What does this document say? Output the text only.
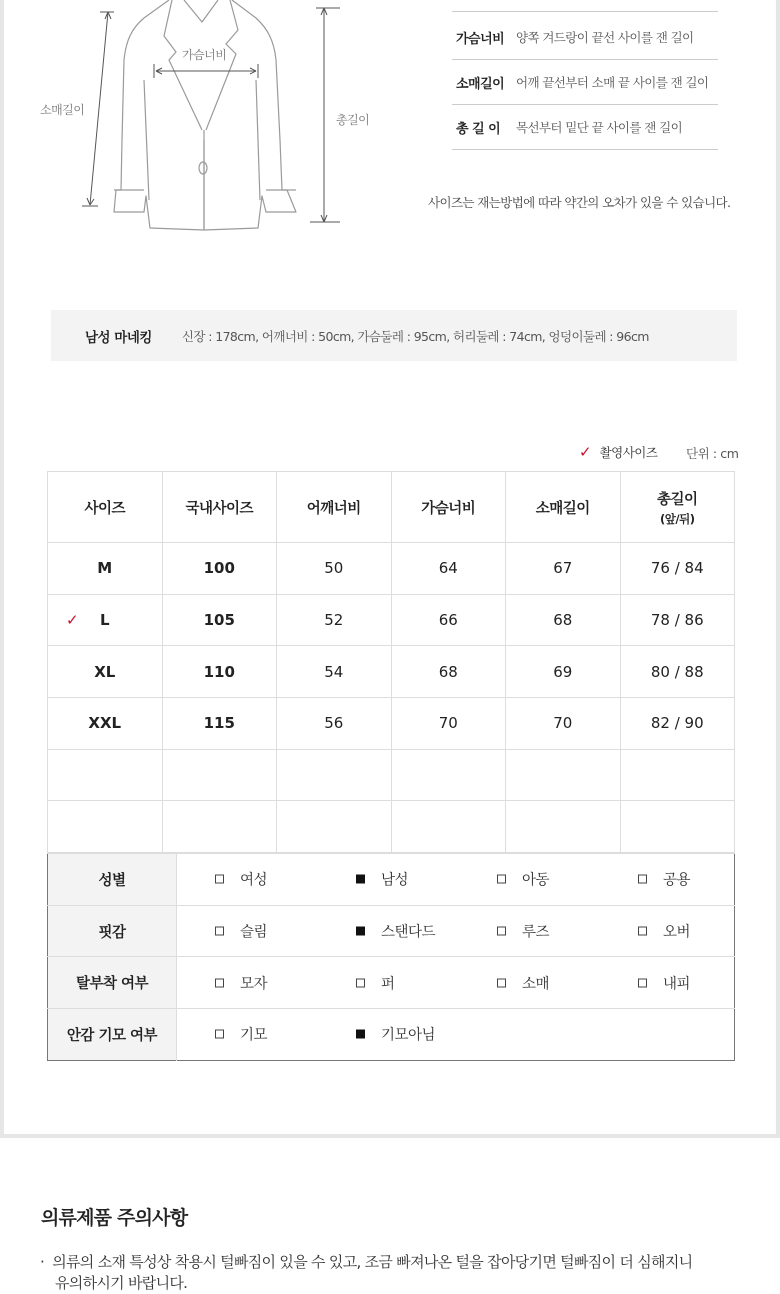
가슴너비
소매길이
총길이
가슴너비 양쪽 겨드랑이 끝선 사이를 잰 길이
소매길이 어깨 끝선부터 소매 끝 사이를 잰 길이
총 길 이	목선부터 밑단 끝 사이를 잰 길이
사이즈는 재는방법에 따라 약간의 오차가 있을 수 있습니다.
남성 마네킹 신장 : 178cm, 어깨너비 : 50cm, 가슴둘레 : 95cm, 허리둘레 : 74cm, 엉덩이둘레 : 96cm
✓ 촬영사이즈 단위 : cm
사이즈	국내사이즈	어깨너비	가슴너비	소매길이	총길이
(앞/뒤)

M	100	50	64	67	76 / 84

✓ L	105	52	66	68	78 / 86
XL	110	54	68	69	80 / 88
XXL	115	56	70	70	82 / 90

성별	여성 남성 아동 공용

핏감	슬림 스탠다드 루즈 오버

탈부착 여부	모자 퍼 소매 내피

안감 기모 여부	기모 기모아님
의류제품 주의사항
·  의류의 소재 특성상 착용시 털빠짐이 있을 수 있고, 조금 빠져나온 털을 잡아당기면 털빠짐이 더 심해지니
유의하시기 바랍니다.
